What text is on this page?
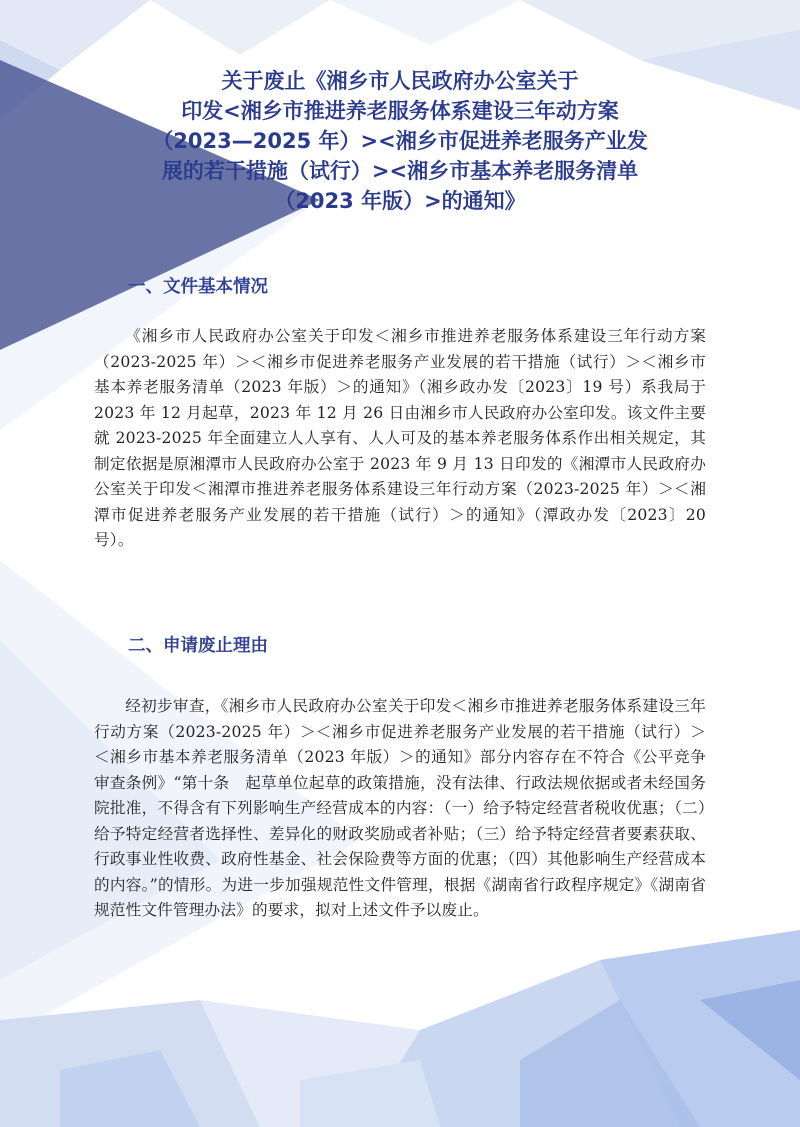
关于废止《湘乡市人民政府办公室关于
印发<湘乡市推进养老服务体系建设三年动方案
（2023—2025 年）><湘乡市促进养老服务产业发
展的若干措施（试行）><湘乡市基本养老服务清单
（2023 年版）>的通知》
一、文件基本情况

《湘乡市人民政府办公室关于印发＜湘乡市推进养老服务体系建设三年行动方案（2023-2025 年）＞＜湘乡市促进养老服务产业发展的若干措施（试行）＞＜湘乡市基本养老服务清单（2023 年版）＞的通知》（湘乡政办发〔2023〕19 号）系我局于 2023 年 12 月起草，2023 年 12 月 26 日由湘乡市人民政府办公室印发。该文件主要就 2023-2025 年全面建立人人享有、人人可及的基本养老服务体系作出相关规定，其制定依据是原湘潭市人民政府办公室于 2023 年 9 月 13 日印发的《湘潭市人民政府办公室关于印发＜湘潭市推进养老服务体系建设三年行动方案（2023-2025 年）＞＜湘潭市促进养老服务产业发展的若干措施（试行）＞的通知》（潭政办发〔2023〕20 号）。

二、申请废止理由

经初步审查，《湘乡市人民政府办公室关于印发＜湘乡市推进养老服务体系建设三年行动方案（2023-2025 年）＞＜湘乡市促进养老服务产业发展的若干措施（试行）＞＜湘乡市基本养老服务清单（2023 年版）＞的通知》部分内容存在不符合《公平竞争审查条例》“第十条　起草单位起草的政策措施，没有法律、行政法规依据或者未经国务院批准，不得含有下列影响生产经营成本的内容：（一）给予特定经营者税收优惠；（二）给予特定经营者选择性、差异化的财政奖励或者补贴；（三）给予特定经营者要素获取、行政事业性收费、政府性基金、社会保险费等方面的优惠；（四）其他影响生产经营成本的内容。”的情形。为进一步加强规范性文件管理，根据《湖南省行政程序规定》《湖南省规范性文件管理办法》的要求，拟对上述文件予以废止。
